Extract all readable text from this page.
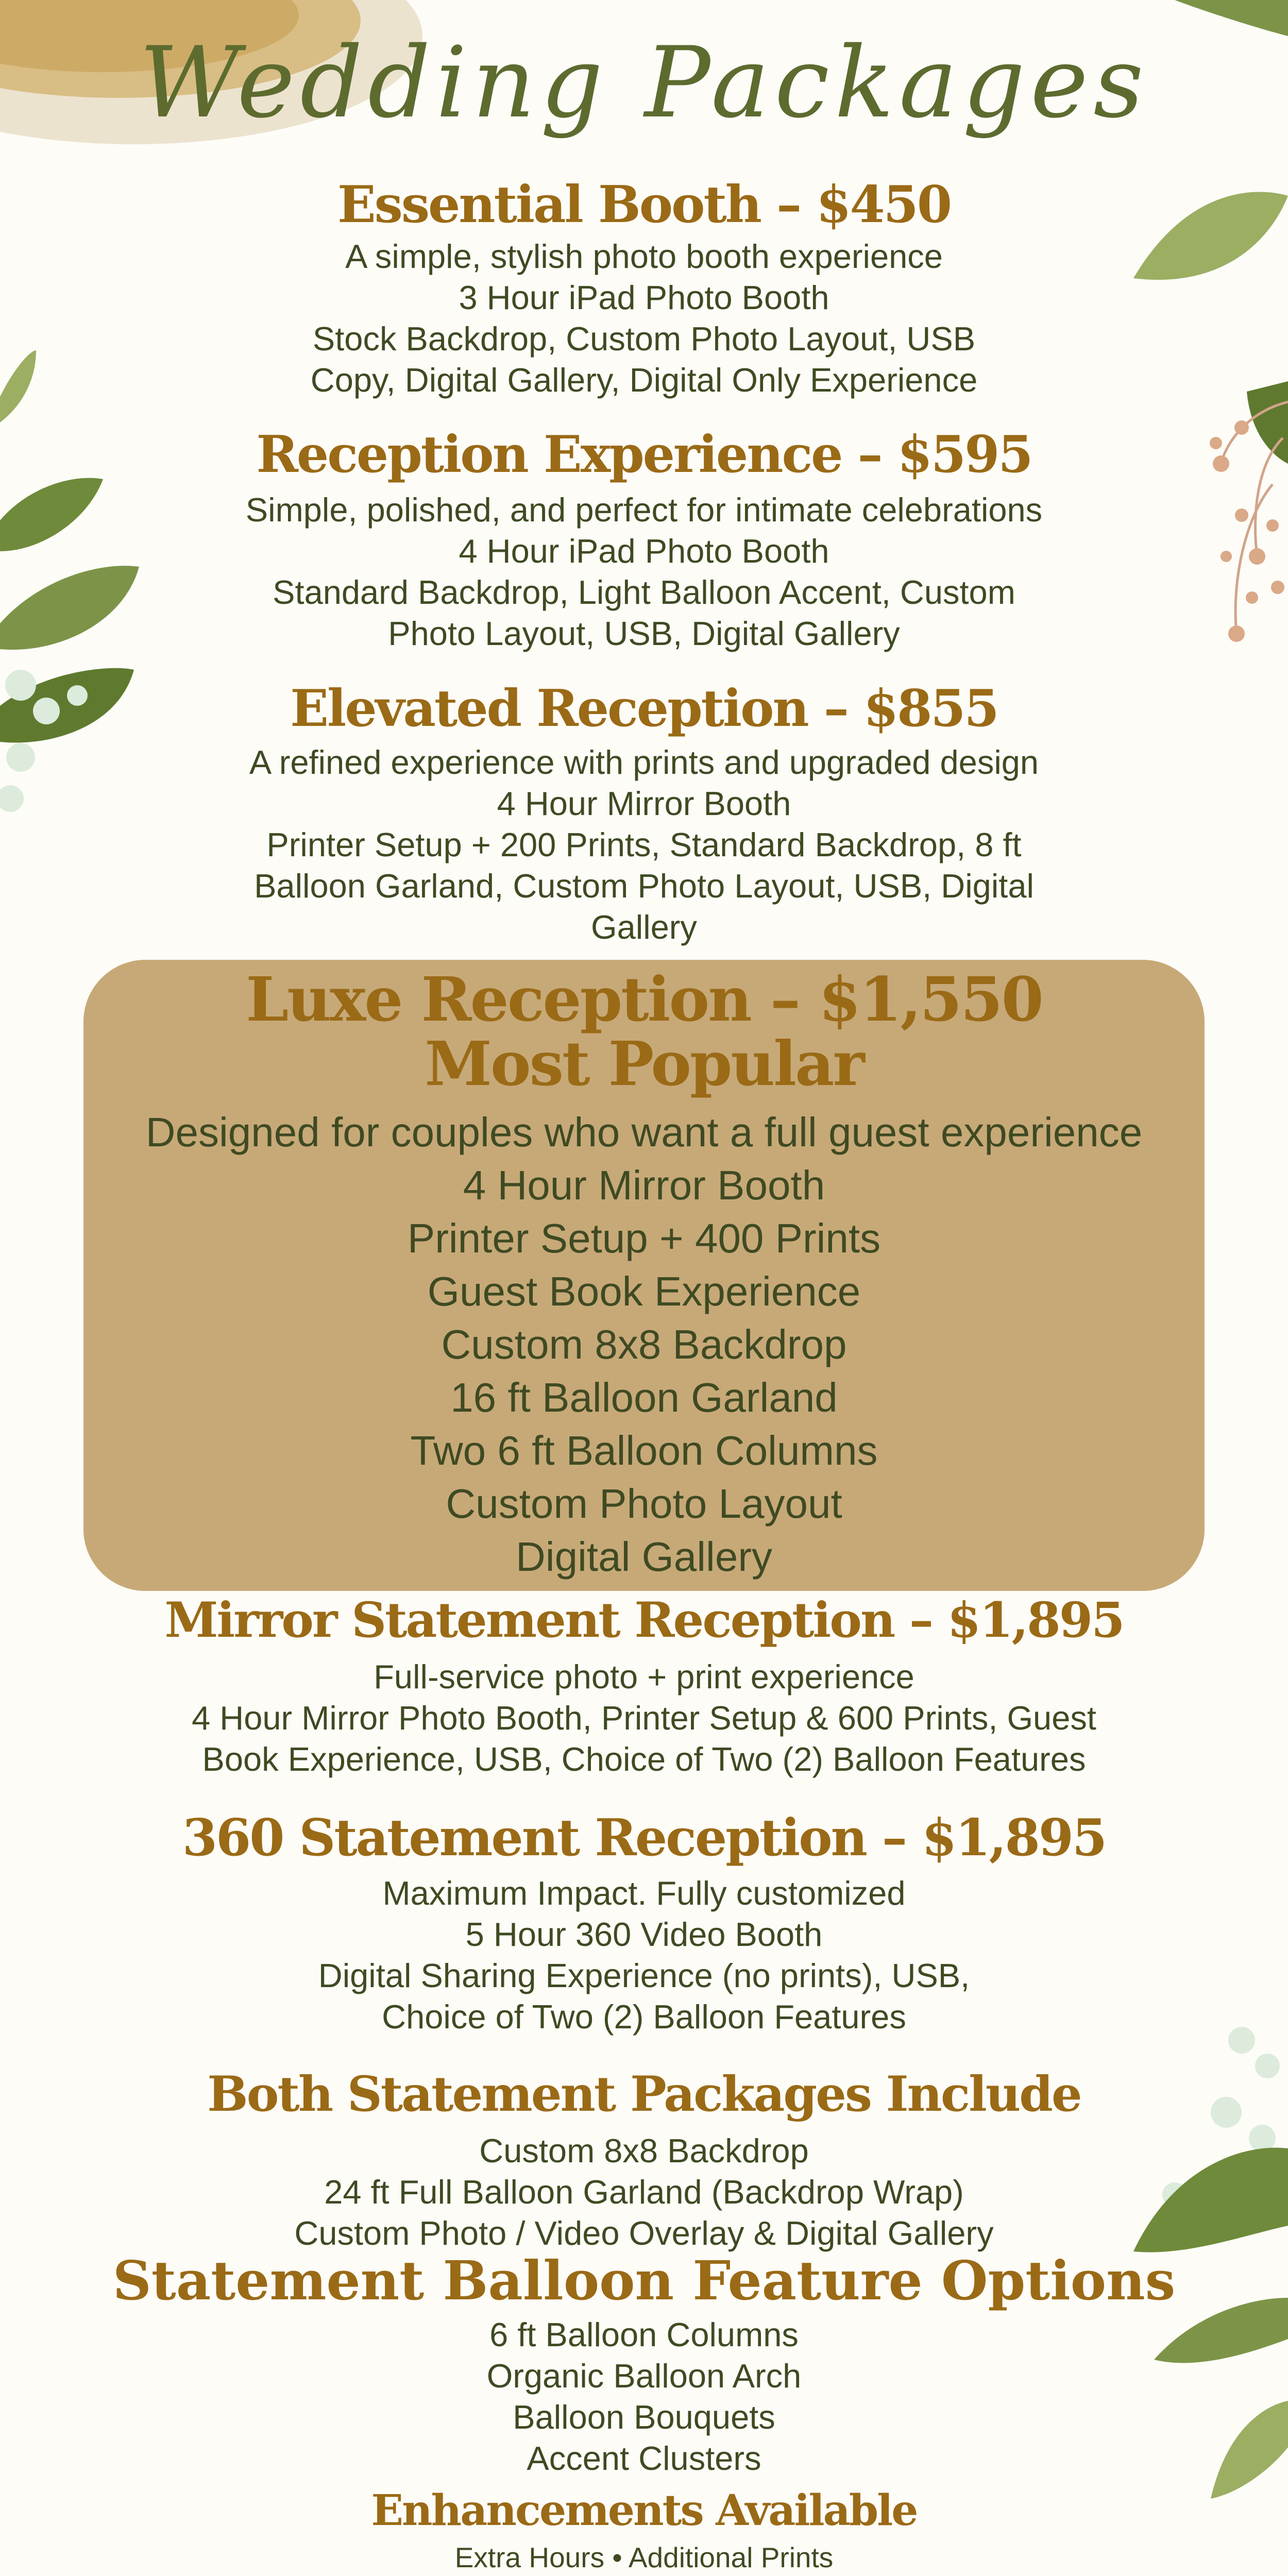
Wedding Packages
Essential Booth – $450
A simple, stylish photo booth experience
3 Hour iPad Photo Booth
Stock Backdrop, Custom Photo Layout, USB
Copy, Digital Gallery, Digital Only Experience
Reception Experience – $595
Simple, polished, and perfect for intimate celebrations
4 Hour iPad Photo Booth
Standard Backdrop, Light Balloon Accent, Custom
Photo Layout, USB, Digital Gallery
Elevated Reception – $855
A refined experience with prints and upgraded design
4 Hour Mirror Booth
Printer Setup + 200 Prints, Standard Backdrop, 8 ft
Balloon Garland, Custom Photo Layout, USB, Digital
Gallery
Luxe Reception – $1,550
Most Popular
Designed for couples who want a full guest experience
4 Hour Mirror Booth
Printer Setup + 400 Prints
Guest Book Experience
Custom 8x8 Backdrop
16 ft Balloon Garland
Two 6 ft Balloon Columns
Custom Photo Layout
Digital Gallery
Mirror Statement Reception – $1,895
Full-service photo + print experience
4 Hour Mirror Photo Booth, Printer Setup & 600 Prints, Guest
Book Experience, USB, Choice of Two (2) Balloon Features
360 Statement Reception – $1,895
Maximum Impact. Fully customized
5 Hour 360 Video Booth
Digital Sharing Experience (no prints), USB,
Choice of Two (2) Balloon Features
Both Statement Packages Include
Custom 8x8 Backdrop
24 ft Full Balloon Garland (Backdrop Wrap)
Custom Photo / Video Overlay & Digital Gallery
Statement Balloon Feature Options
6 ft Balloon Columns
Organic Balloon Arch
Balloon Bouquets
Accent Clusters
Enhancements Available
Extra Hours • Additional Prints
